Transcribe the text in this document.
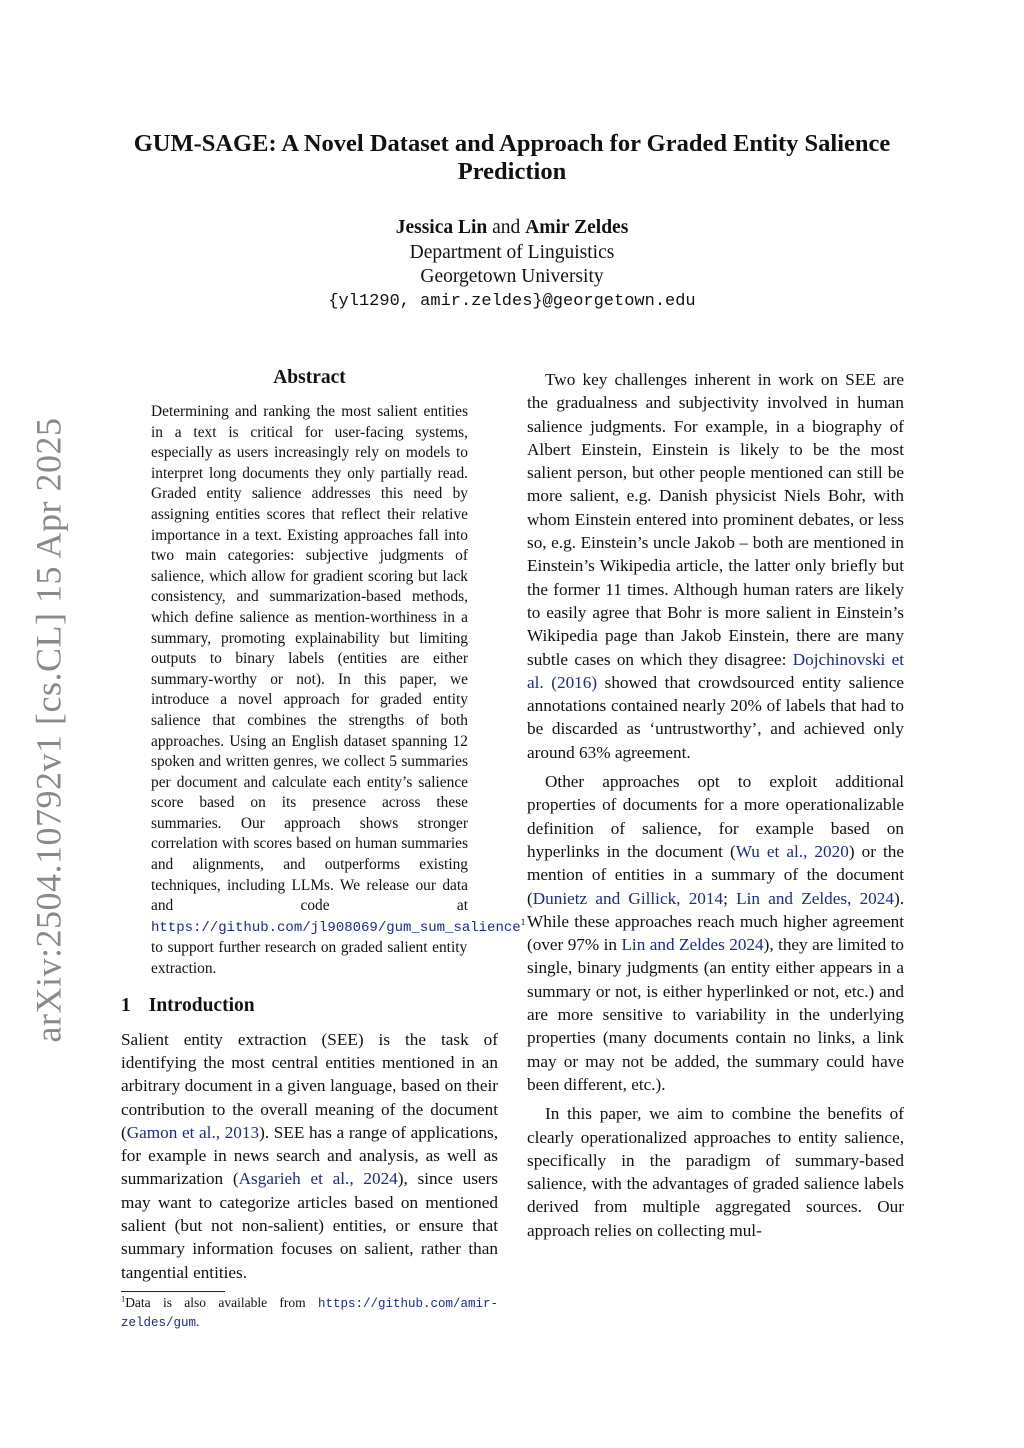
arXiv:2504.10792v1 [cs.CL] 15 Apr 2025
GUM-SAGE: A Novel Dataset and Approach for Graded Entity Salience Prediction
Jessica Lin and Amir Zeldes
Department of Linguistics
Georgetown University
{yl1290, amir.zeldes}@georgetown.edu
Abstract

Determining and ranking the most salient entities in a text is critical for user-facing systems, especially as users increasingly rely on models to interpret long documents they only partially read. Graded entity salience addresses this need by assigning entities scores that reflect their relative importance in a text. Existing approaches fall into two main categories: subjective judgments of salience, which allow for gradient scoring but lack consistency, and summarization-based methods, which define salience as mention-worthiness in a summary, promoting explainability but limiting outputs to binary labels (entities are either summary-worthy or not). In this paper, we introduce a novel approach for graded entity salience that combines the strengths of both approaches. Using an English dataset spanning 12 spoken and written genres, we collect 5 summaries per document and calculate each entity’s salience score based on its presence across these summaries. Our approach shows stronger correlation with scores based on human summaries and alignments, and outperforms existing techniques, including LLMs. We release our data and code at https://github.com/jl908069/gum_sum_salience$^1$ to support further research on graded salient entity extraction.

1 Introduction

Salient entity extraction (SEE) is the task of identifying the most central entities mentioned in an arbitrary document in a given language, based on their contribution to the overall meaning of the document (Gamon et al., 2013). SEE has a range of applications, for example in news search and analysis, as well as summarization (Asgarieh et al., 2024), since users may want to categorize articles based on mentioned salient (but not non-salient) entities, or ensure that summary information focuses on salient, rather than tangential entities.

$^1$Data is also available from https://github.com/amir-zeldes/gum.

Two key challenges inherent in work on SEE are the gradualness and subjectivity involved in human salience judgments. For example, in a biography of Albert Einstein, Einstein is likely to be the most salient person, but other people mentioned can still be more salient, e.g. Danish physicist Niels Bohr, with whom Einstein entered into prominent debates, or less so, e.g. Einstein’s uncle Jakob – both are mentioned in Einstein’s Wikipedia article, the latter only briefly but the former 11 times. Although human raters are likely to easily agree that Bohr is more salient in Einstein’s Wikipedia page than Jakob Einstein, there are many subtle cases on which they disagree: Dojchinovski et al. (2016) showed that crowdsourced entity salience annotations contained nearly 20% of labels that had to be discarded as ‘untrustworthy’, and achieved only around 63% agreement.

Other approaches opt to exploit additional properties of documents for a more operationalizable definition of salience, for example based on hyperlinks in the document (Wu et al., 2020) or the mention of entities in a summary of the document (Dunietz and Gillick, 2014; Lin and Zeldes, 2024). While these approaches reach much higher agreement (over 97% in Lin and Zeldes 2024), they are limited to single, binary judgments (an entity either appears in a summary or not, is either hyperlinked or not, etc.) and are more sensitive to variability in the underlying properties (many documents contain no links, a link may or may not be added, the summary could have been different, etc.).

In this paper, we aim to combine the benefits of clearly operationalized approaches to entity salience, specifically in the paradigm of summary-based salience, with the advantages of graded salience labels derived from multiple aggregated sources. Our approach relies on collecting mul-
